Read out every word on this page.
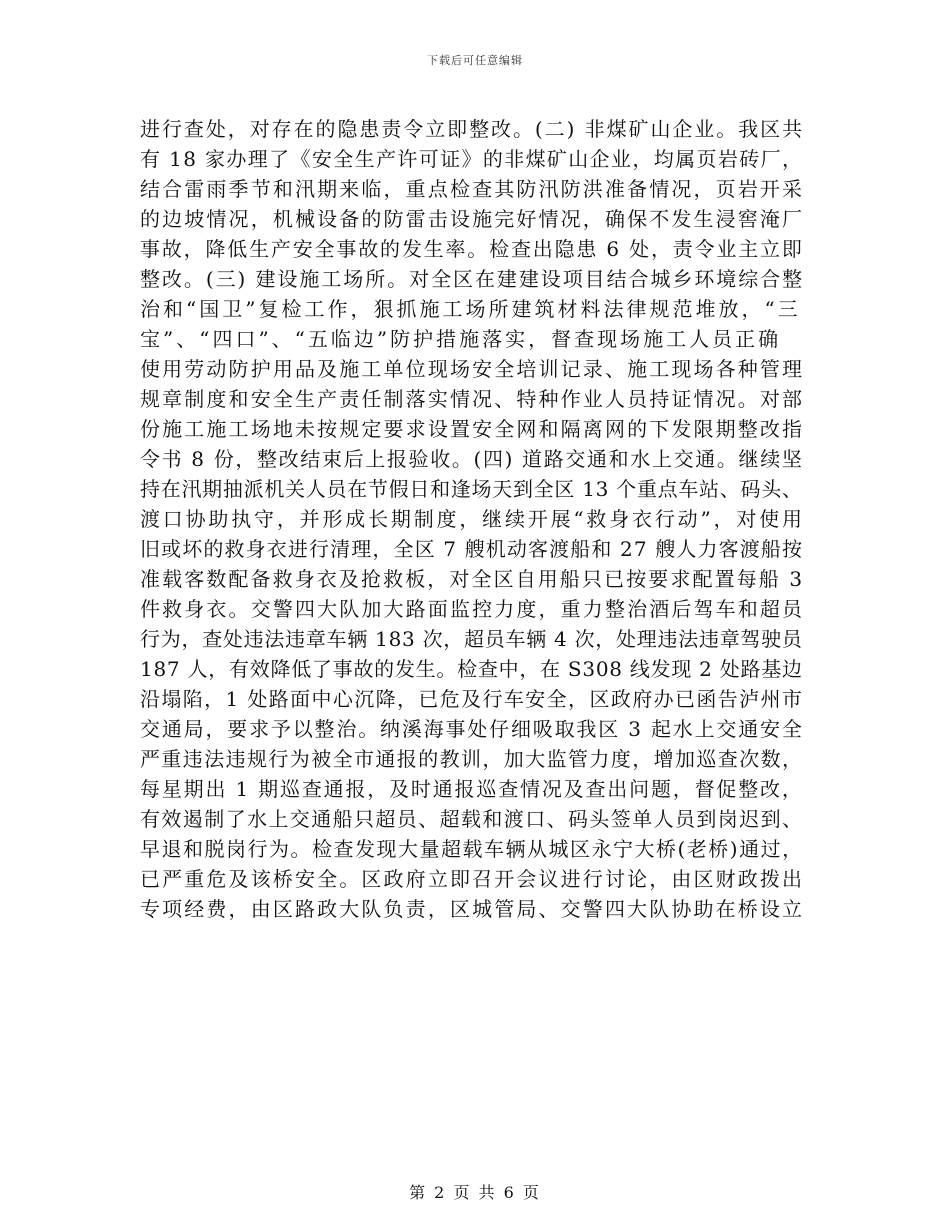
下载后可任意编辑
进行查处，对存在的隐患责令立即整改。(二) 非煤矿山企业。我区共
有 18 家办理了《安全生产许可证》的非煤矿山企业，均属页岩砖厂，
结合雷雨季节和汛期来临，重点检查其防汛防洪准备情况，页岩开采
的边坡情况，机械设备的防雷击设施完好情况，确保不发生浸窖淹厂
事故，降低生产安全事故的发生率。检查出隐患 6 处，责令业主立即
整改。(三) 建设施工场所。对全区在建建设项目结合城乡环境综合整
治和“国卫”复检工作，狠抓施工场所建筑材料法律规范堆放，“三
宝”、“四口”、“五临边”防护措施落实，督查现场施工人员正确
使用劳动防护用品及施工单位现场安全培训记录、施工现场各种管理
规章制度和安全生产责任制落实情况、特种作业人员持证情况。对部
份施工施工场地未按规定要求设置安全网和隔离网的下发限期整改指
令书 8 份，整改结束后上报验收。(四) 道路交通和水上交通。继续坚
持在汛期抽派机关人员在节假日和逢场天到全区 13 个重点车站、码头、
渡口协助执守，并形成长期制度，继续开展“救身衣行动”，对使用
旧或坏的救身衣进行清理，全区 7 艘机动客渡船和 27 艘人力客渡船按
准载客数配备救身衣及抢救板，对全区自用船只已按要求配置每船 3
件救身衣。交警四大队加大路面监控力度，重力整治酒后驾车和超员
行为，查处违法违章车辆 183 次，超员车辆 4 次，处理违法违章驾驶员
187 人，有效降低了事故的发生。检查中，在 S308 线发现 2 处路基边
沿塌陷，1 处路面中心沉降，已危及行车安全，区政府办已函告泸州市
交通局，要求予以整治。纳溪海事处仔细吸取我区 3 起水上交通安全
严重违法违规行为被全市通报的教训，加大监管力度，增加巡查次数，
每星期出 1 期巡查通报，及时通报巡查情况及查出问题，督促整改，
有效遏制了水上交通船只超员、超载和渡口、码头签单人员到岗迟到、
早退和脱岗行为。检查发现大量超载车辆从城区永宁大桥(老桥)通过，
已严重危及该桥安全。区政府立即召开会议进行讨论，由区财政拨出
专项经费，由区路政大队负责，区城管局、交警四大队协助在桥设立
第 2 页 共 6 页
